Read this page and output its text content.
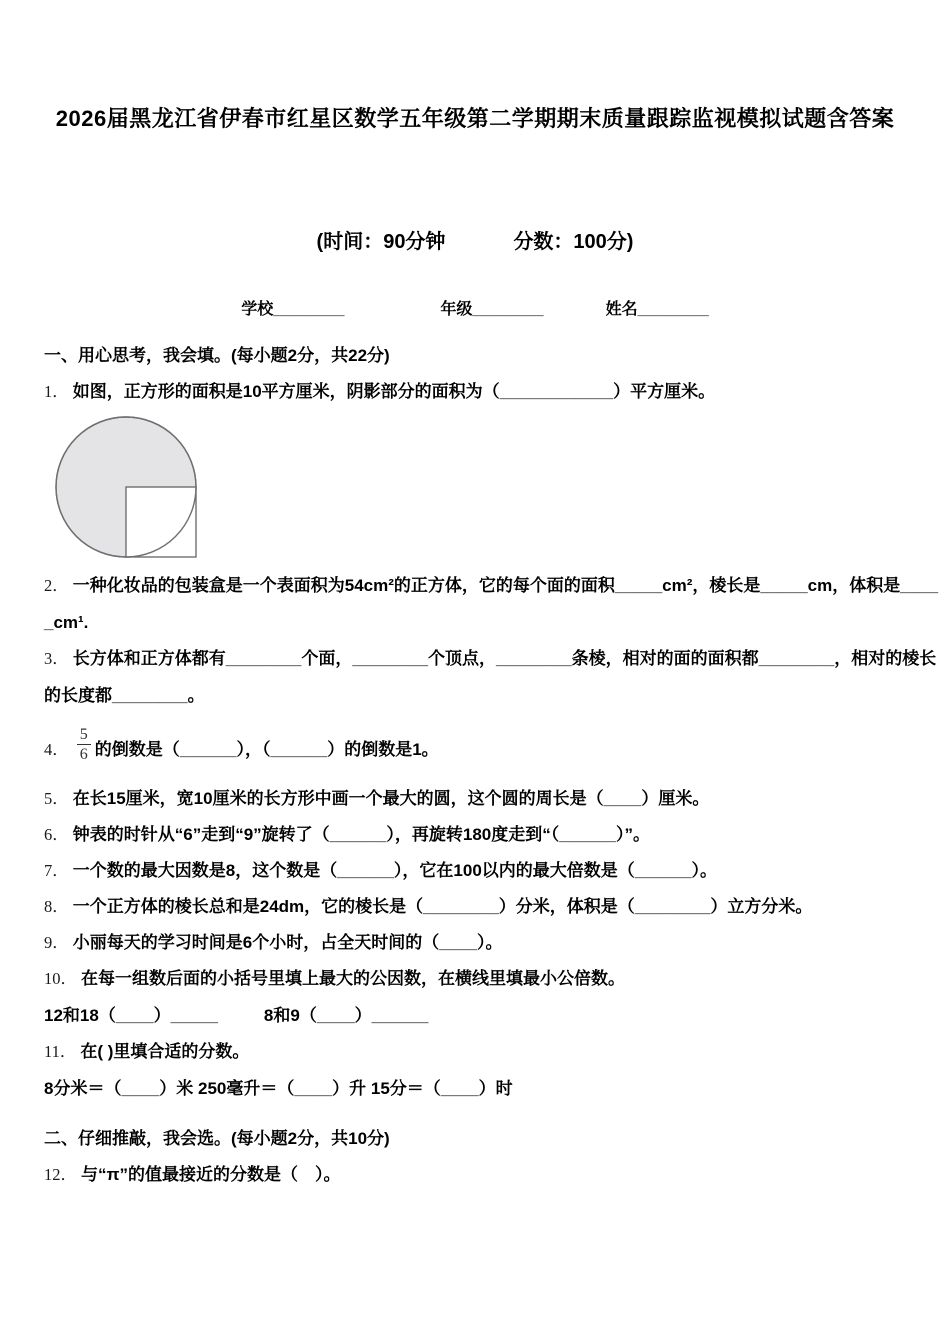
2026届黑龙江省伊春市红星区数学五年级第二学期期末质量跟踪监视模拟试题含答案
(时间：90分钟	分数：100分)
学校________	年级________	姓名________
一、用心思考，我会填。(每小题2分，共22分)
1． 如图，正方形的面积是10平方厘米，阴影部分的面积为（____________）平方厘米。
2． 一种化妆品的包装盒是一个表面积为54cm²的正方体，它的每个面的面积_____cm²，棱长是_____cm，体积是____
_cm¹.
3． 长方体和正方体都有________个面，________个顶点，________条棱，相对的面的面积都________，相对的棱长
的长度都________。
4． $\frac{5}{6}$ 的倒数是（______），（______）的倒数是1。
5． 在长15厘米，宽10厘米的长方形中画一个最大的圆，这个圆的周长是（____）厘米。
6． 钟表的时针从“6”走到“9”旋转了（______），再旋转180度走到“（______）”。
7． 一个数的最大因数是8，这个数是（______），它在100以内的最大倍数是（______）。
8． 一个正方体的棱长总和是24dm，它的棱长是（________）分米，体积是（________）立方分米。
9． 小丽每天的学习时间是6个小时，占全天时间的（____）。
10． 在每一组数后面的小括号里填上最大的公因数，在横线里填最小公倍数。
12和18（____）_____	8和9（____）______
11． 在( )里填合适的分数。
8分米＝（____）米 250毫升＝（____）升 15分＝（____）时
二、仔细推敲，我会选。(每小题2分，共10分)
12． 与“π”的值最接近的分数是（　）。
